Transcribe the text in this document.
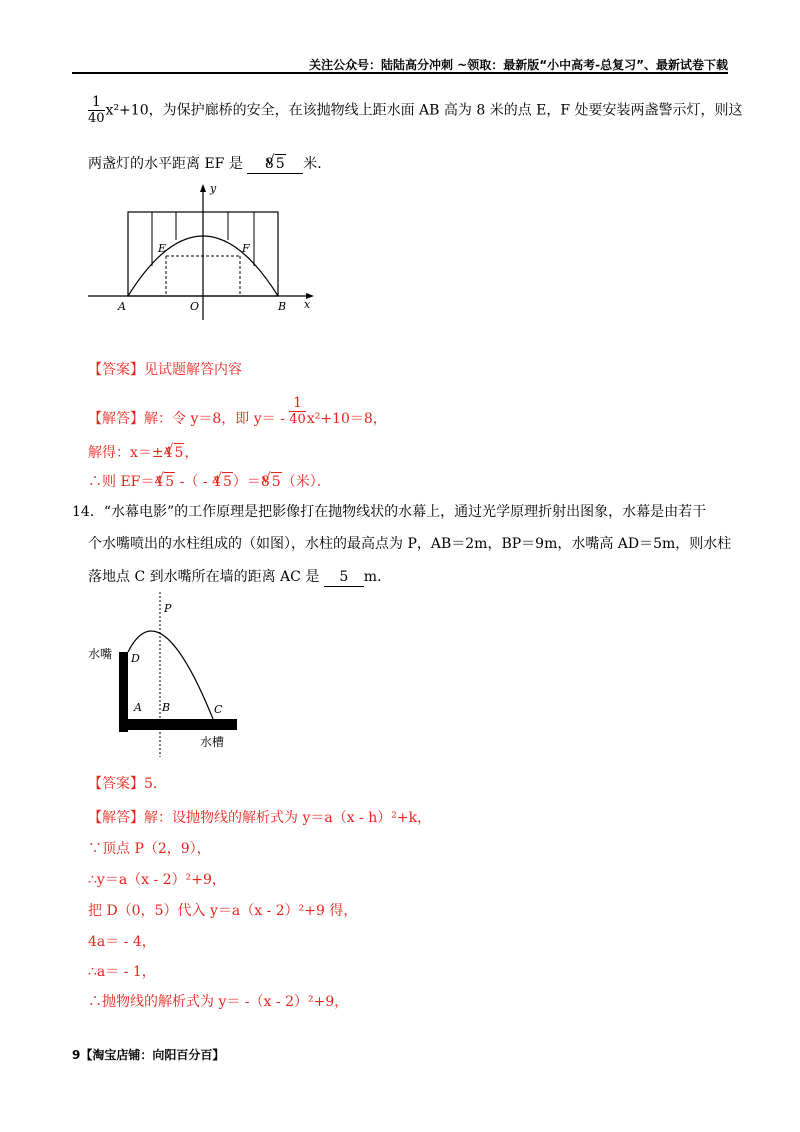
关注公众号：陆陆高分冲刺 ~领取：最新版“小中高考-总复习”、最新试卷下载
$\frac{1}{40} x^2+10$，为保护廊桥的安全，在该抛物线上距水面 AB 高为 8 米的点 E，F 处要安装两盏警示灯，则这
两盏灯的水平距离 EF 是 8 √ 5 米．
y
x
E	F
A	O	B
【答案】见试题解答内容
【解答】解：令 y＝8，即 $y= - \frac{1}{40} x^2+10=8$，
解得：x＝±4 √ 5，
∴则 EF＝4 √ 5 -（ - 4 √ 5）＝8 √ 5（米）．
14．“水幕电影”的工作原理是把影像打在抛物线状的水幕上，通过光学原理折射出图象，水幕是由若干
个水嘴喷出的水柱组成的（如图），水柱的最高点为 P，AB＝2m，BP＝9m，水嘴高 AD＝5m，则水柱
落地点 C 到水嘴所在墙的距离 AC 是 5 m．
P
水嘴 D
A B	C
水槽
【答案】5．
【解答】解：设抛物线的解析式为 y＝a（x - h）²+k，
∵顶点 P（2，9），
∴y＝a（x - 2）²+9，
把 D（0，5）代入 y＝a（x - 2）²+9 得，
4a＝ - 4，
∴a＝ - 1，
∴抛物线的解析式为 y＝ -（x - 2）²+9，
9【淘宝店铺：向阳百分百】
